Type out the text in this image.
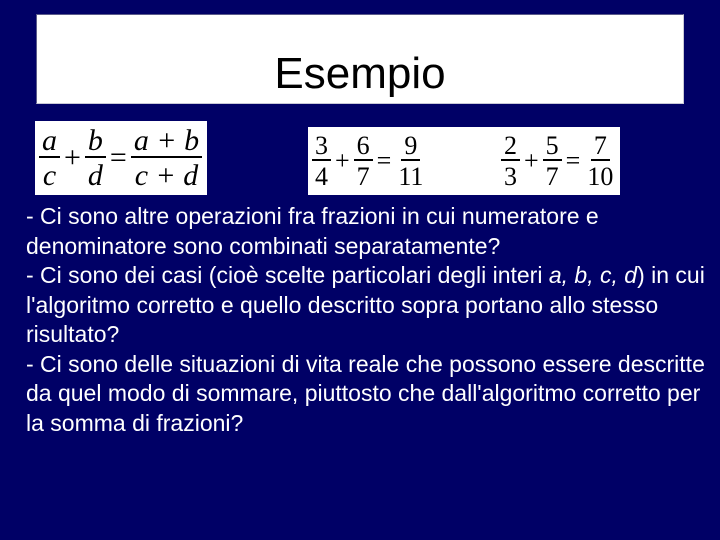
Esempio
$\frac{a}{c} + \frac{b}{d} = \frac{a + b}{c + d}$	$\frac{3}{4} + \frac{6}{7} = \frac{9}{11}$	$\frac{2}{3} + \frac{5}{7} = \frac{7}{10}$
- Ci sono altre operazioni fra frazioni in cui numeratore e denominatore sono combinati separatamente?
- Ci sono dei casi (cioè scelte particolari degli interi a, b, c, d) in cui l'algoritmo corretto e quello descritto sopra portano allo stesso risultato?
- Ci sono delle situazioni di vita reale che possono essere descritte da quel modo di sommare, piuttosto che dall'algoritmo corretto per la somma di frazioni?
